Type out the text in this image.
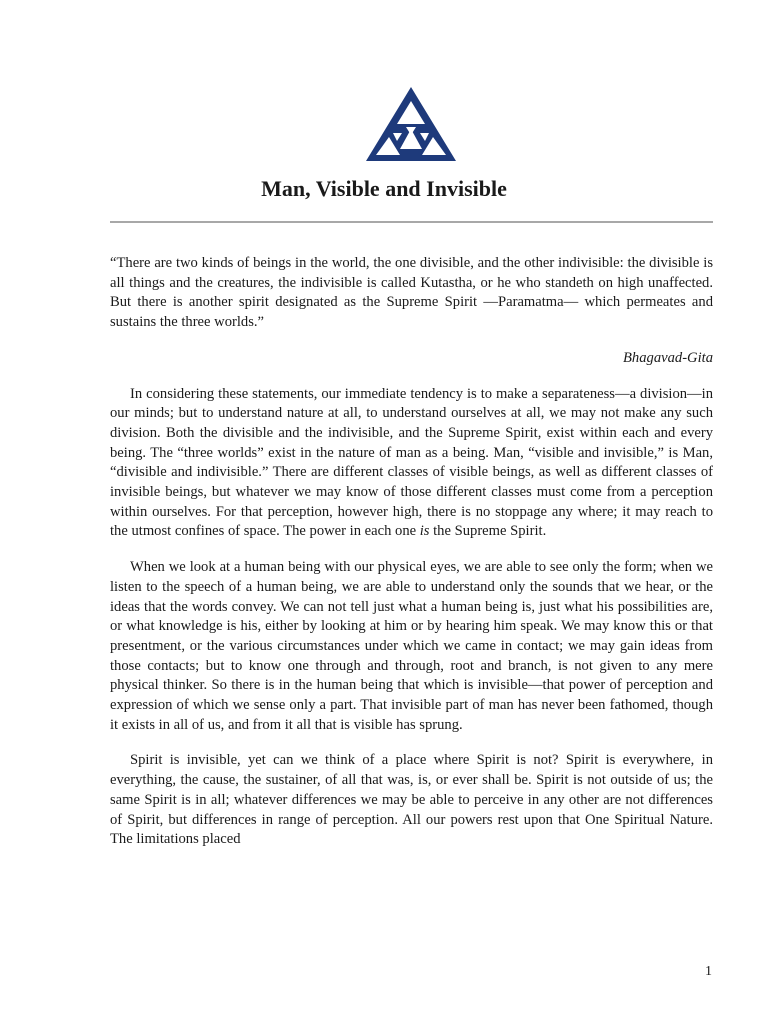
Man, Visible and Invisible

“There are two kinds of beings in the world, the one divisible, and the other indivisible: the divisible is all things and the creatures, the indivisible is called Kutastha, or he who standeth on high unaffected. But there is another spirit designated as the Supreme Spirit —Paramatma— which permeates and sustains the three worlds.”

Bhagavad-Gita

In considering these statements, our immediate tendency is to make a separateness—a division—in our minds; but to understand nature at all, to understand ourselves at all, we may not make any such division. Both the divisible and the indivisible, and the Supreme Spirit, exist within each and every being. The “three worlds” exist in the nature of man as a being. Man, “visible and invisible,” is Man, “divisible and indivisible.” There are different classes of visible beings, as well as different classes of invisible beings, but whatever we may know of those different classes must come from a perception within ourselves. For that perception, however high, there is no stoppage any where; it may reach to the utmost confines of space. The power in each one is the Supreme Spirit.

When we look at a human being with our physical eyes, we are able to see only the form; when we listen to the speech of a human being, we are able to understand only the sounds that we hear, or the ideas that the words convey. We can not tell just what a human being is, just what his possibilities are, or what knowledge is his, either by looking at him or by hearing him speak. We may know this or that presentment, or the various circumstances under which we came in contact; we may gain ideas from those contacts; but to know one through and through, root and branch, is not given to any mere physical thinker. So there is in the human being that which is invisible—that power of perception and expression of which we sense only a part. That invisible part of man has never been fathomed, though it exists in all of us, and from it all that is visible has sprung.

Spirit is invisible, yet can we think of a place where Spirit is not? Spirit is everywhere, in everything, the cause, the sustainer, of all that was, is, or ever shall be. Spirit is not outside of us; the same Spirit is in all; whatever differences we may be able to perceive in any other are not differences of Spirit, but differences in range of perception. All our powers rest upon that One Spiritual Nature. The limitations placed

1
